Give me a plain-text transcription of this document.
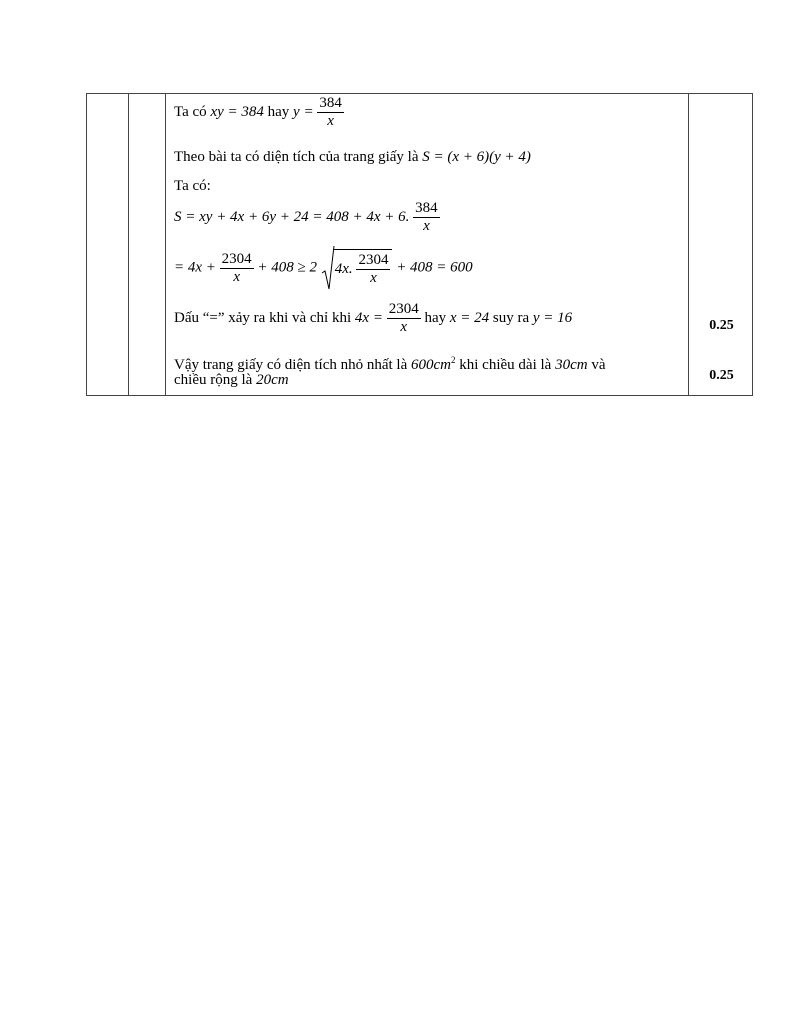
Ta có xy = 384 hay $y = \frac{384}{x}$
Theo bài ta có diện tích của trang giấy là S = (x + 6)(y + 4)
Ta có:
S = xy + 4x + 6y + 24 = 408 + 4x + 6. $\frac{384}{x}$
= $4x + \frac{2304}{x} + 408 \ge 2$ 4x. $\frac{2304}{x} + 408 = 600$
Dấu “=” xảy ra khi và chỉ khi $4x = \frac{2304}{x}$ hay x = 24 suy ra y = 16
Vậy trang giấy có diện tích nhỏ nhất là $600cm^2$ khi chiều dài là 30cm và
chiều rộng là 20cm
0.25
0.25
